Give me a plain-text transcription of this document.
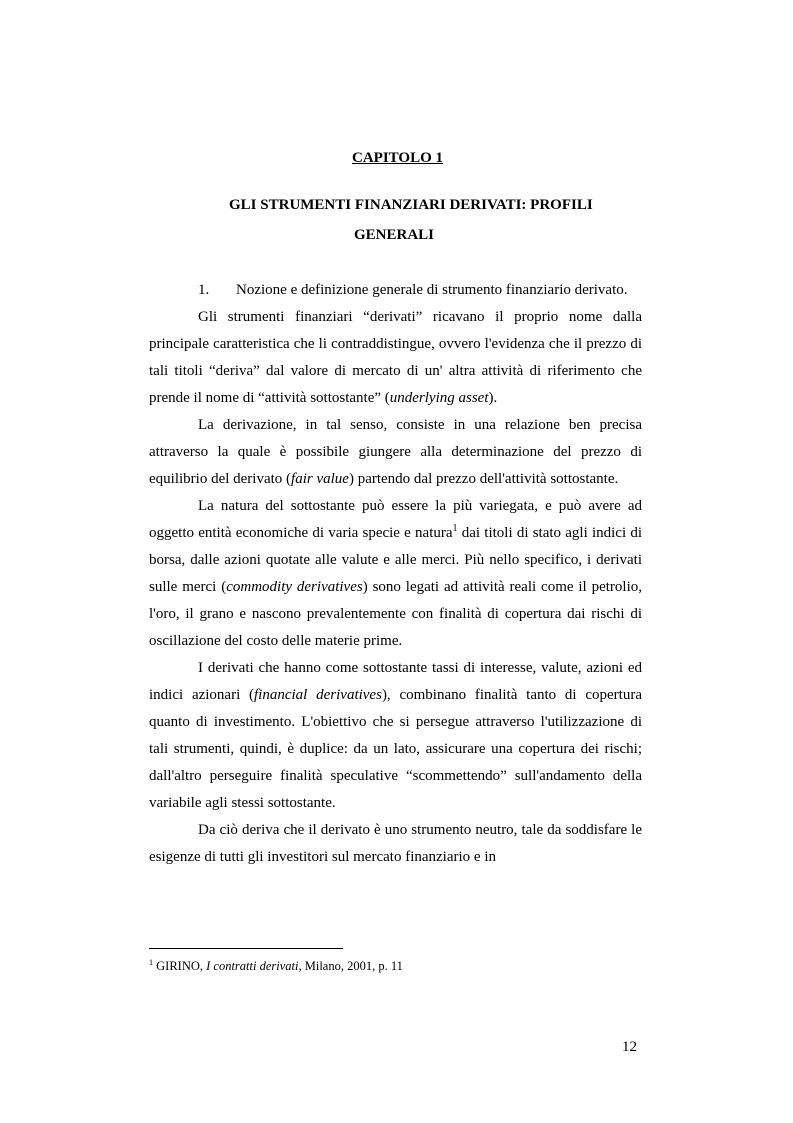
CAPITOLO 1
GLI STRUMENTI FINANZIARI DERIVATI: PROFILI
GENERALI

1. Nozione e definizione generale di strumento finanziario derivato.

Gli strumenti finanziari “derivati” ricavano il proprio nome dalla principale caratteristica che li contraddistingue, ovvero l'evidenza che il prezzo di tali titoli “deriva” dal valore di mercato di un' altra attività di riferimento che prende il nome di “attività sottostante” (underlying asset).

La derivazione, in tal senso, consiste in una relazione ben precisa attraverso la quale è possibile giungere alla determinazione del prezzo di equilibrio del derivato (fair value) partendo dal prezzo dell'attività sottostante.

La natura del sottostante può essere la più variegata, e può avere ad oggetto entità economiche di varia specie e natura$^1$ dai titoli di stato agli indici di borsa, dalle azioni quotate alle valute e alle merci. Più nello specifico, i derivati sulle merci (commodity derivatives) sono legati ad attività reali come il petrolio, l'oro, il grano e nascono prevalentemente con finalità di copertura dai rischi di oscillazione del costo delle materie prime.

I derivati che hanno come sottostante tassi di interesse, valute, azioni ed indici azionari (financial derivatives), combinano finalità tanto di copertura quanto di investimento. L'obiettivo che si persegue attraverso l'utilizzazione di tali strumenti, quindi, è duplice: da un lato, assicurare una copertura dei rischi; dall'altro perseguire finalità speculative “scommettendo” sull'andamento della variabile agli stessi sottostante.

Da ciò deriva che il derivato è uno strumento neutro, tale da soddisfare le esigenze di tutti gli investitori sul mercato finanziario e in

$^1$ GIRINO, I contratti derivati, Milano, 2001, p. 11
12
